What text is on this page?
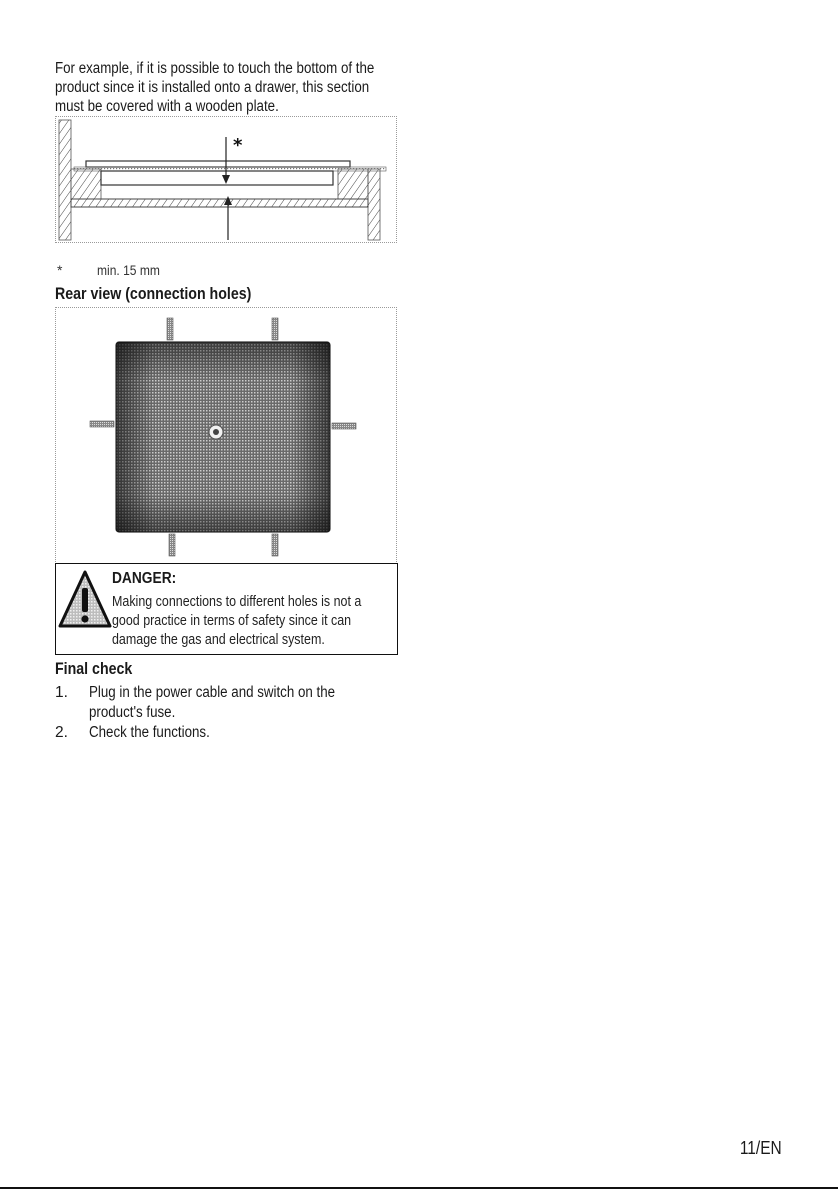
For example, if it is possible to touch the bottom of the
product since it is installed onto a drawer, this section
must be covered with a wooden plate.
*
* min. 15 mm
Rear view (connection holes)
DANGER:
Making connections to different holes is not a
good practice in terms of safety since it can
damage the gas and electrical system.
Final check
1. Plug in the power cable and switch on the
product's fuse.
2. Check the functions.
11/EN
